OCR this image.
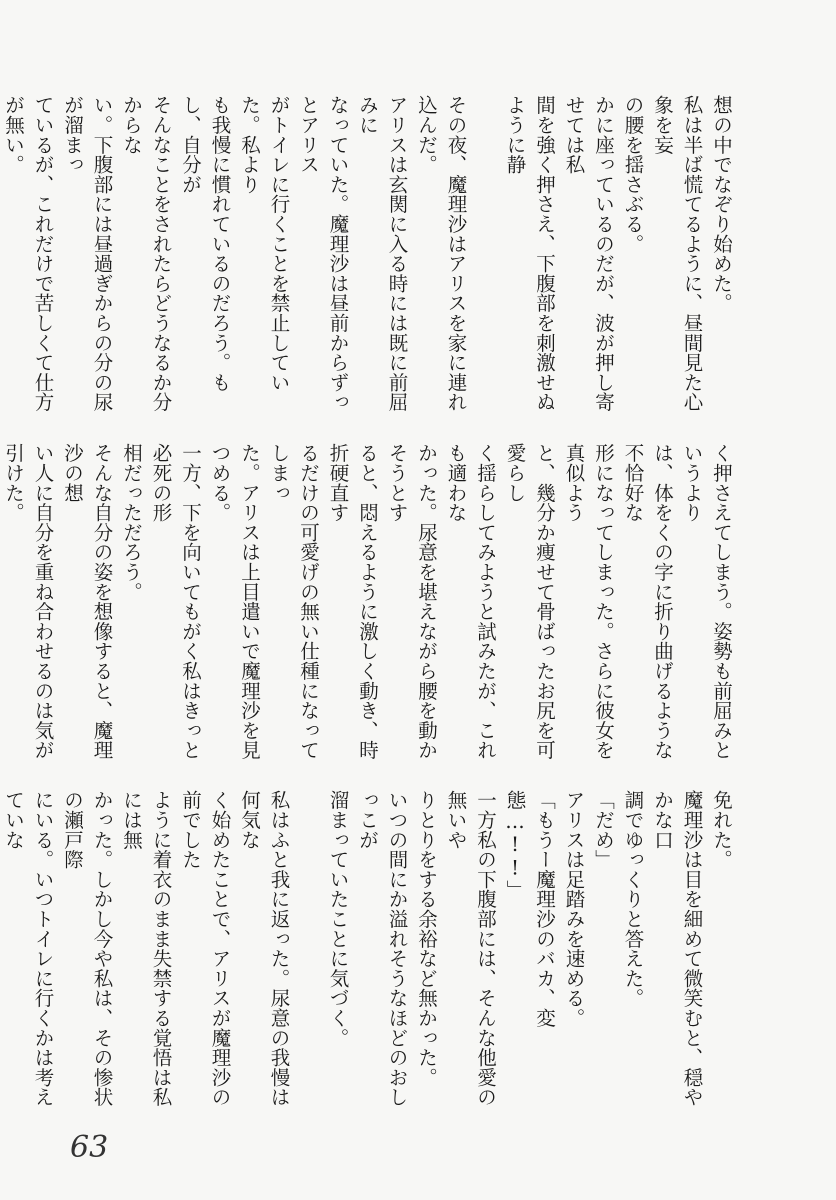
想の中でなぞり始めた。
私は半ば慌てるように、昼間見た心象を妄
の腰を揺さぶる。
かに座っているのだが、波が押し寄せては私
間を強く押さえ、下腹部を刺激せぬように静

その夜、魔理沙はアリスを家に連れ込んだ。
アリスは玄関に入る時には既に前屈みに
なっていた。魔理沙は昼前からずっとアリス
がトイレに行くことを禁止していた。私より
も我慢に慣れているのだろう。もし、自分が
そんなことをされたらどうなるか分からな
い。下腹部には昼過ぎからの分の尿が溜まっ
ているが、これだけで苦しくて仕方が無い。
く押さえてしまう。姿勢も前屈みというより
は、体をくの字に折り曲げるような不恰好な
形になってしまった。さらに彼女を真似よう
と、幾分か痩せて骨ばったお尻を可愛らし
く揺らしてみようと試みたが、これも適わな
かった。尿意を堪えながら腰を動かそうとす
ると、悶えるように激しく動き、時折硬直す
るだけの可愛げの無い仕種になってしまっ
た。アリスは上目遣いで魔理沙を見つめる。
一方、下を向いてもがく私はきっと必死の形
相だっただろう。
そんな自分の姿を想像すると、魔理沙の想
い人に自分を重ね合わせるのは気が引けた。
免れた。
魔理沙は目を細めて微笑むと、穏やかな口
調でゆっくりと答えた。
「だめ」
アリスは足踏みを速める。
「もうー魔理沙のバカ、変態…!!」
一方私の下腹部には、そんな他愛の無いや
りとりをする余裕など無かった。
いつの間にか溢れそうなほどのおしっこが
溜まっていたことに気づく。

私はふと我に返った。尿意の我慢は何気な
く始めたことで、アリスが魔理沙の前でした
ように着衣のまま失禁する覚悟は私には無
かった。しかし今や私は、その惨状の瀬戸際
にいる。いつトイレに行くかは考えていな
63
